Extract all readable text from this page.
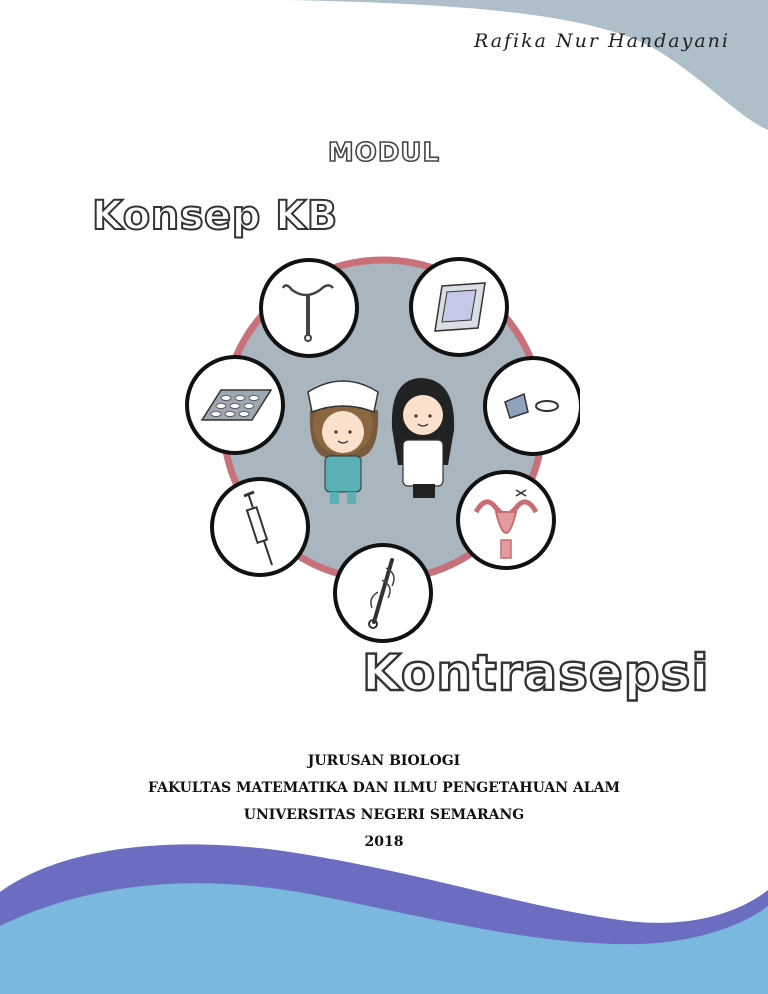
Rafika Nur Handayani
MODUL
Konsep KB
Kontrasepsi
JURUSAN BIOLOGI
FAKULTAS MATEMATIKA DAN ILMU PENGETAHUAN ALAM
UNIVERSITAS NEGERI SEMARANG
2018
